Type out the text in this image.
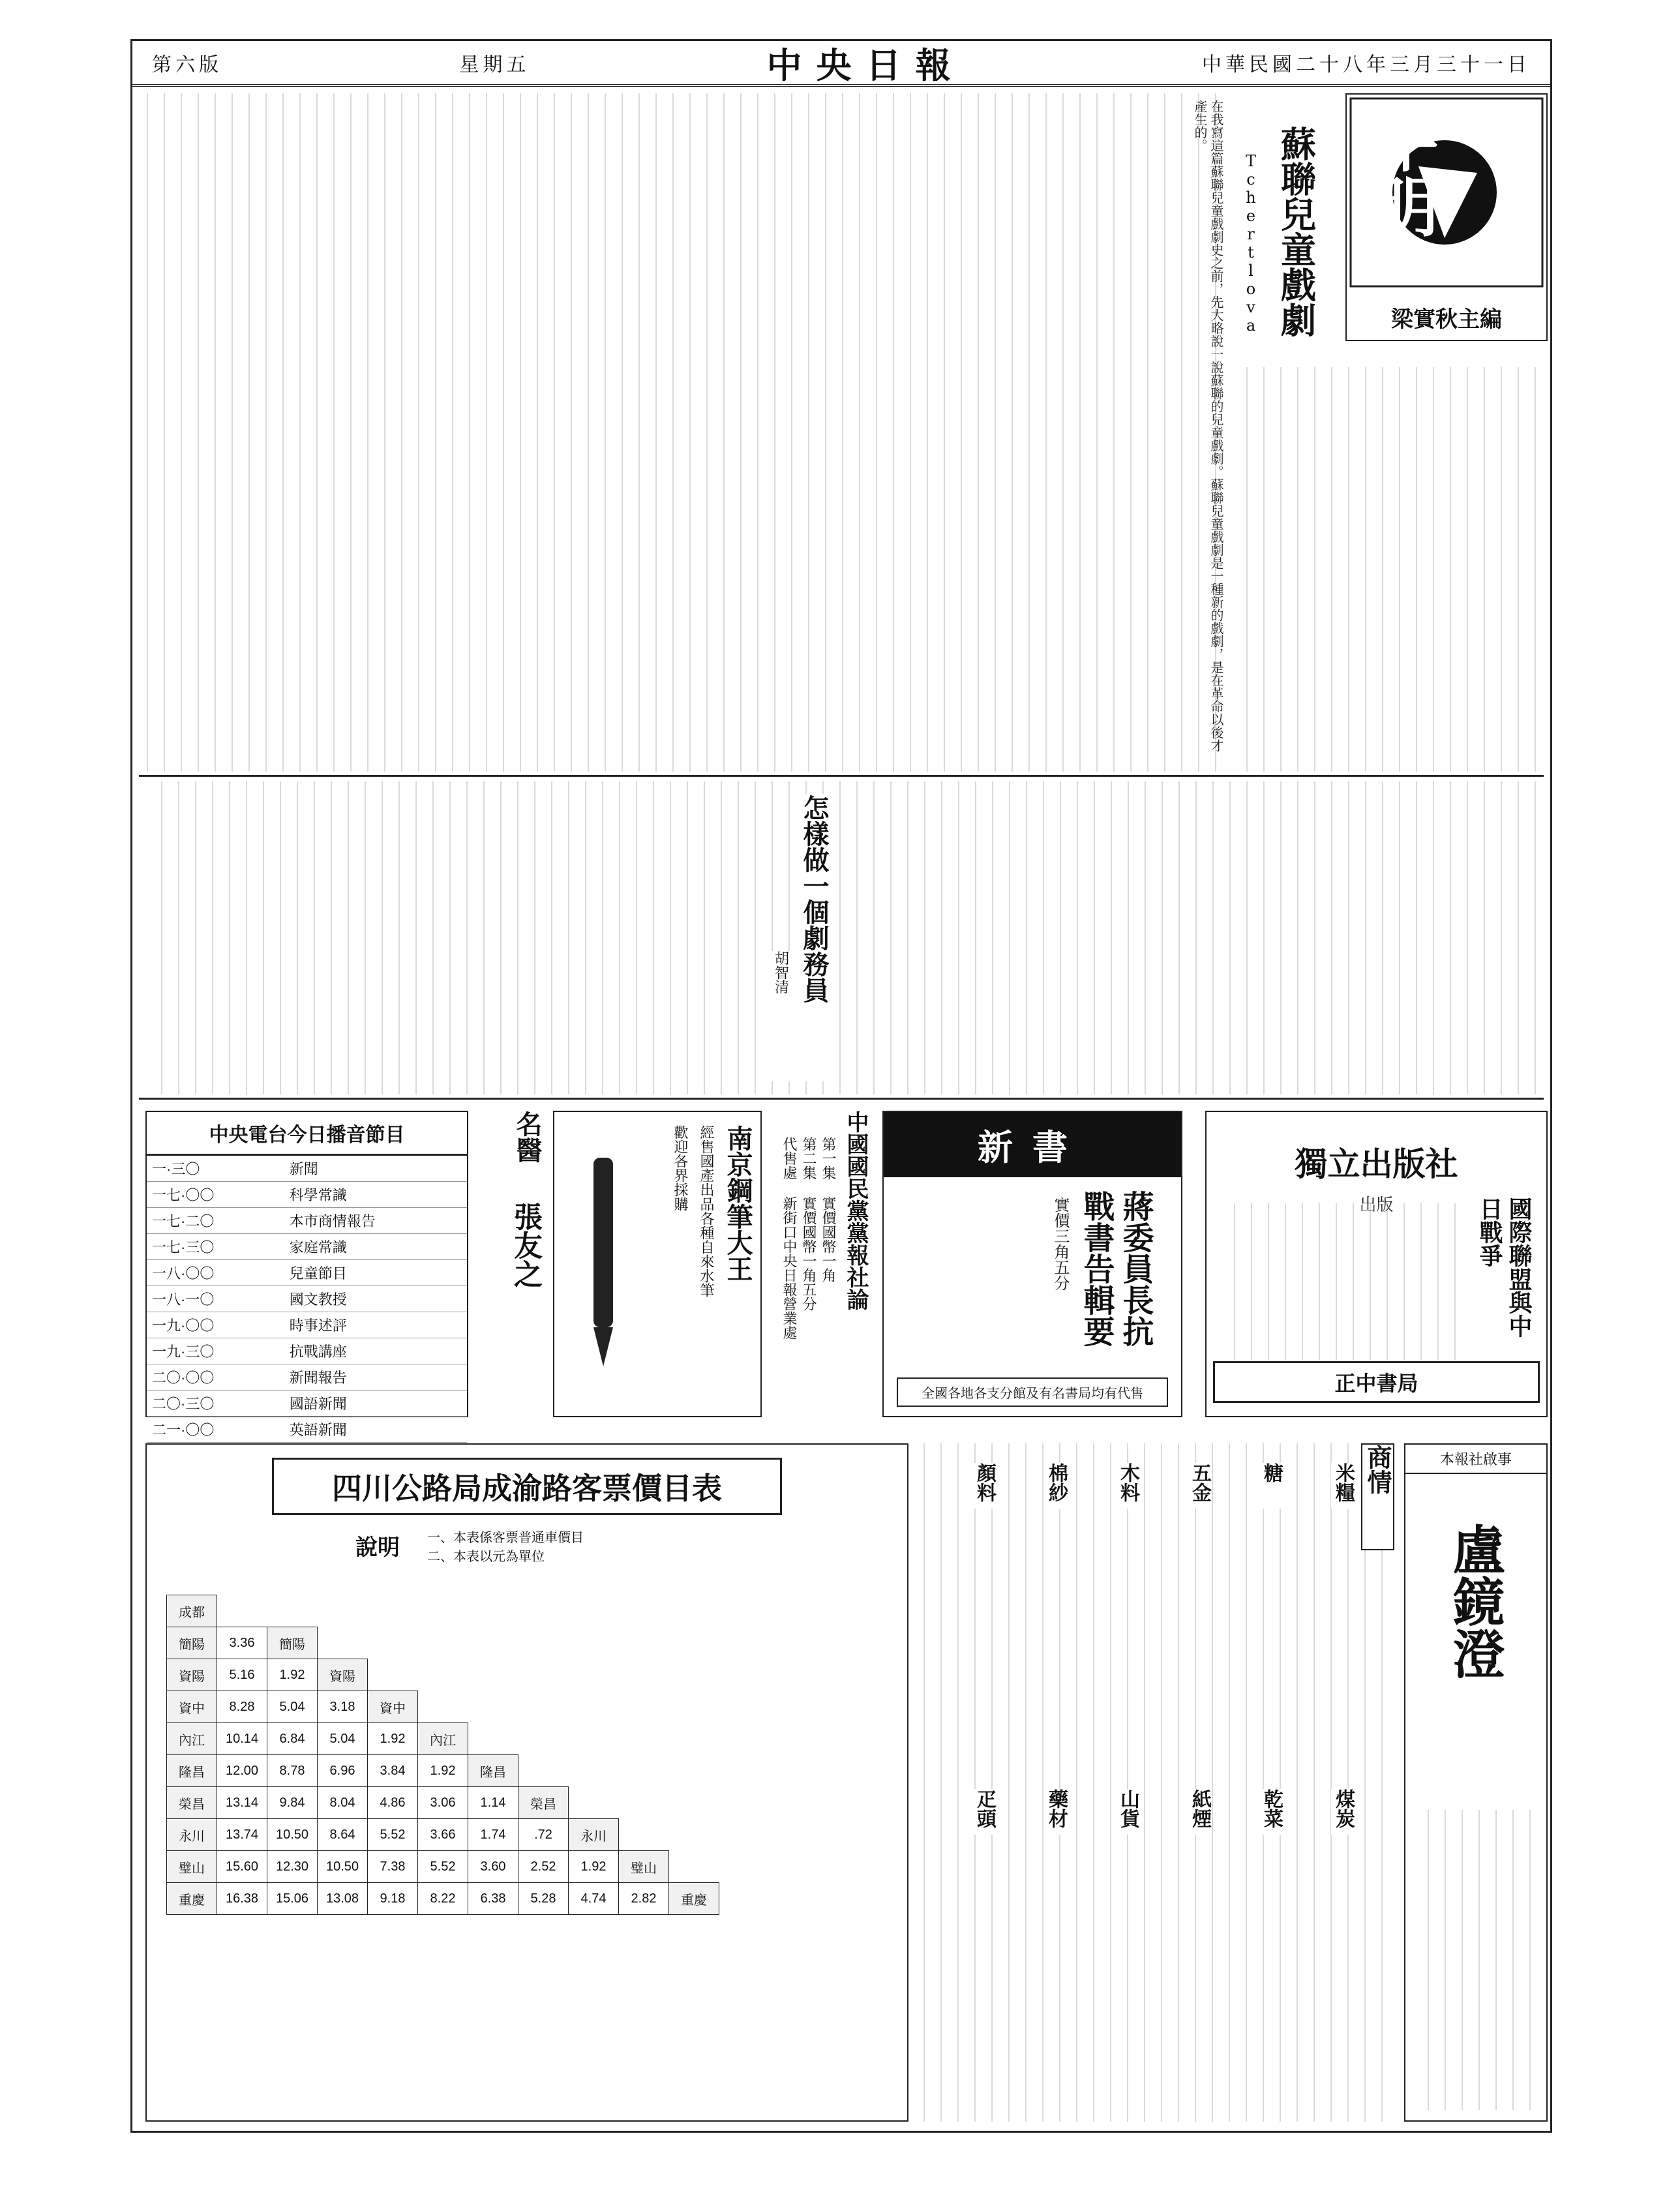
第六版	星期五	中央日報	中華民國二十八年三月三十一日
平明
梁實秋主編
蘇聯兒童戲劇
Tchertlova
在我寫這篇蘇聯兒童戲劇史之前，先大略說一說蘇聯的兒童戲劇。蘇聯兒童戲劇是一種新的戲劇，是在革命以後才產生的。
怎樣做一個劇務員
胡智清
獨立出版社
出版	國際聯盟與中日戰爭
正中書局
新書
蔣委員長抗戰書告輯要
實價三角五分
全國各地各支分館及有名書局均有代售
中國國民黨黨報社論
第一集 實價國幣一角
第二集 實價國幣一角五分
代售處 新街口中央日報營業處
南京鋼筆大王
經售國產出品各種自來水筆
歡迎各界採購
名醫
張友之
中央電台今日播音節目
一·三〇	新聞
一七·〇〇	科學常識
一七·二〇	本市商情報告
一七·三〇	家庭常識
一八·〇〇	兒童節目
一八·一〇	國文教授
一九·〇〇	時事述評
一九·三〇	抗戰講座
二〇·〇〇	新聞報告
二〇·三〇	國語新聞
二一·〇〇	英語新聞

四川公路局成渝路客票價目表
說明 一、本表係客票普通車價目
二、本表以元為單位
成都										
簡陽	3.36	簡陽								
資陽	5.16	1.92	資陽							
資中	8.28	5.04	3.18	資中						
內江	10.14	6.84	5.04	1.92	內江					
隆昌	12.00	8.78	6.96	3.84	1.92	隆昌				
榮昌	13.14	9.84	8.04	4.86	3.06	1.14	榮昌			
永川	13.74	10.50	8.64	5.52	3.66	1.74	.72	永川		
璧山	15.60	12.30	10.50	7.38	5.52	3.60	2.52	1.92	璧山	
重慶	16.38	15.06	13.08	9.18	8.22	6.38	5.28	4.74	2.82	重慶
商情
米糧
糖
五金
木料
棉紗
顏料
煤炭
乾菜
紙煙
山貨
藥材
疋頭
本報社啟事
盧鏡澄
